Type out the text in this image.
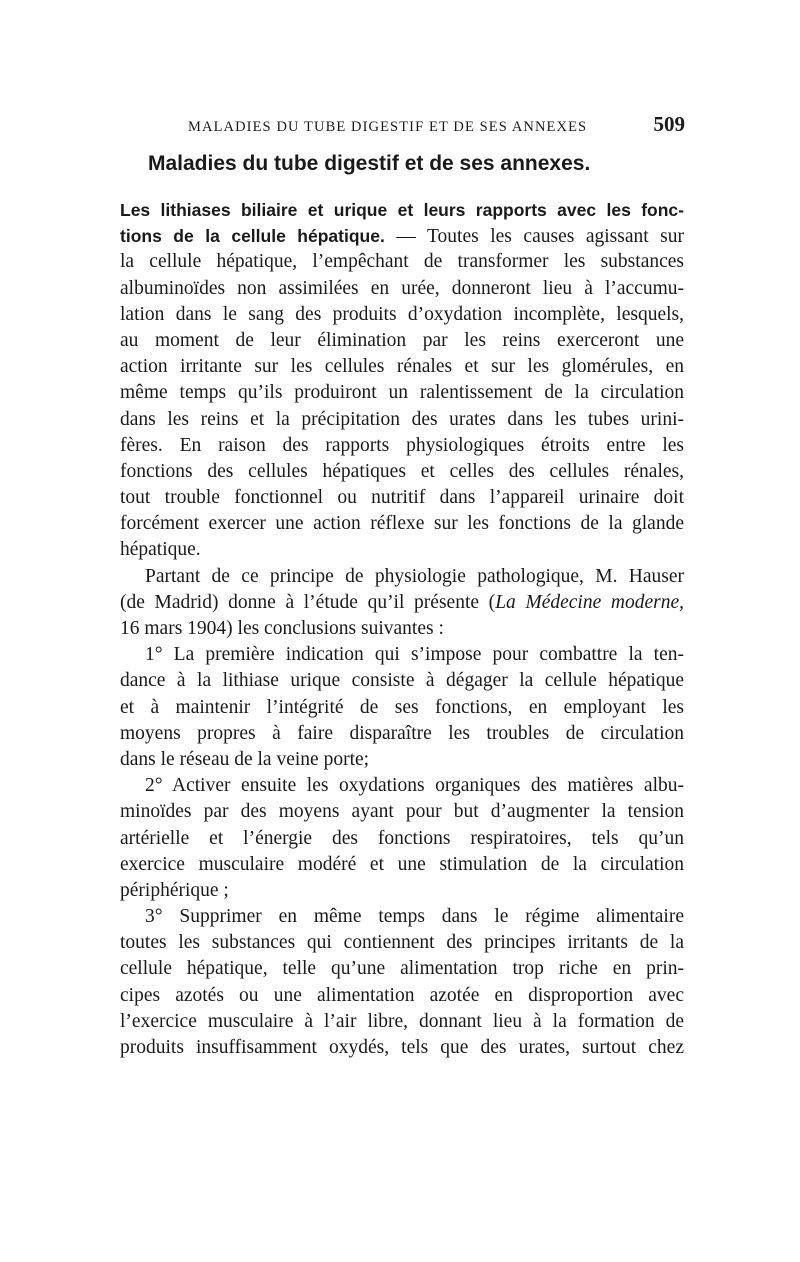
MALADIES DU TUBE DIGESTIF ET DE SES ANNEXES	509
Maladies du tube digestif et de ses annexes.
Les lithiases biliaire et urique et leurs rapports avec les fonc-
tions de la cellule hépatique. — Toutes les causes agissant sur
la cellule hépatique, l’empêchant de transformer les substances
albuminoïdes non assimilées en urée, donneront lieu à l’accumu-
lation dans le sang des produits d’oxydation incomplète, lesquels,
au moment de leur élimination par les reins exerceront une
action irritante sur les cellules rénales et sur les glomérules, en
même temps qu’ils produiront un ralentissement de la circulation
dans les reins et la précipitation des urates dans les tubes urini-
fères. En raison des rapports physiologiques étroits entre les
fonctions des cellules hépatiques et celles des cellules rénales,
tout trouble fonctionnel ou nutritif dans l’appareil urinaire doit
forcément exercer une action réflexe sur les fonctions de la glande
hépatique.
Partant de ce principe de physiologie pathologique, M. Hauser
(de Madrid) donne à l’étude qu’il présente (La Médecine moderne,
16 mars 1904) les conclusions suivantes :
1° La première indication qui s’impose pour combattre la ten-
dance à la lithiase urique consiste à dégager la cellule hépatique
et à maintenir l’intégrité de ses fonctions, en employant les
moyens propres à faire disparaître les troubles de circulation
dans le réseau de la veine porte;
2° Activer ensuite les oxydations organiques des matières albu-
minoïdes par des moyens ayant pour but d’augmenter la tension
artérielle et l’énergie des fonctions respiratoires, tels qu’un
exercice musculaire modéré et une stimulation de la circulation
périphérique ;
3° Supprimer en même temps dans le régime alimentaire
toutes les substances qui contiennent des principes irritants de la
cellule hépatique, telle qu’une alimentation trop riche en prin-
cipes azotés ou une alimentation azotée en disproportion avec
l’exercice musculaire à l’air libre, donnant lieu à la formation de
produits insuffisamment oxydés, tels que des urates, surtout chez
